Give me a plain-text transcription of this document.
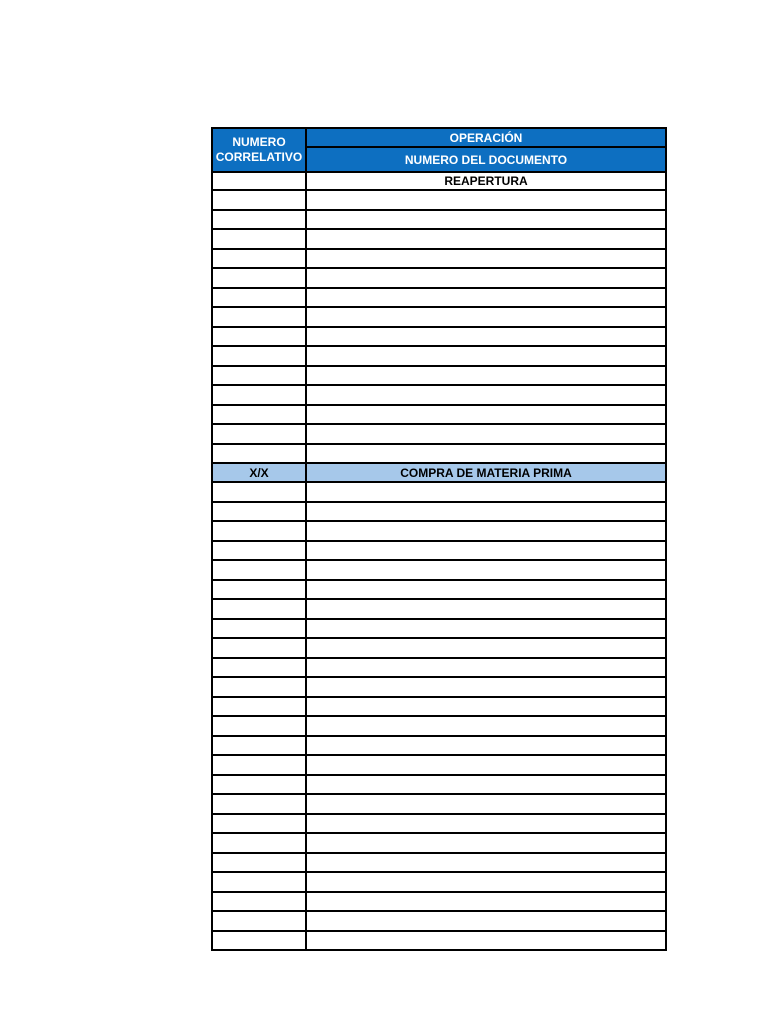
NUMERO CORRELATIVO	OPERACIÓN
	NUMERO DEL DOCUMENTO
	REAPERTURA

X/X	COMPRA DE MATERIA PRIMA
